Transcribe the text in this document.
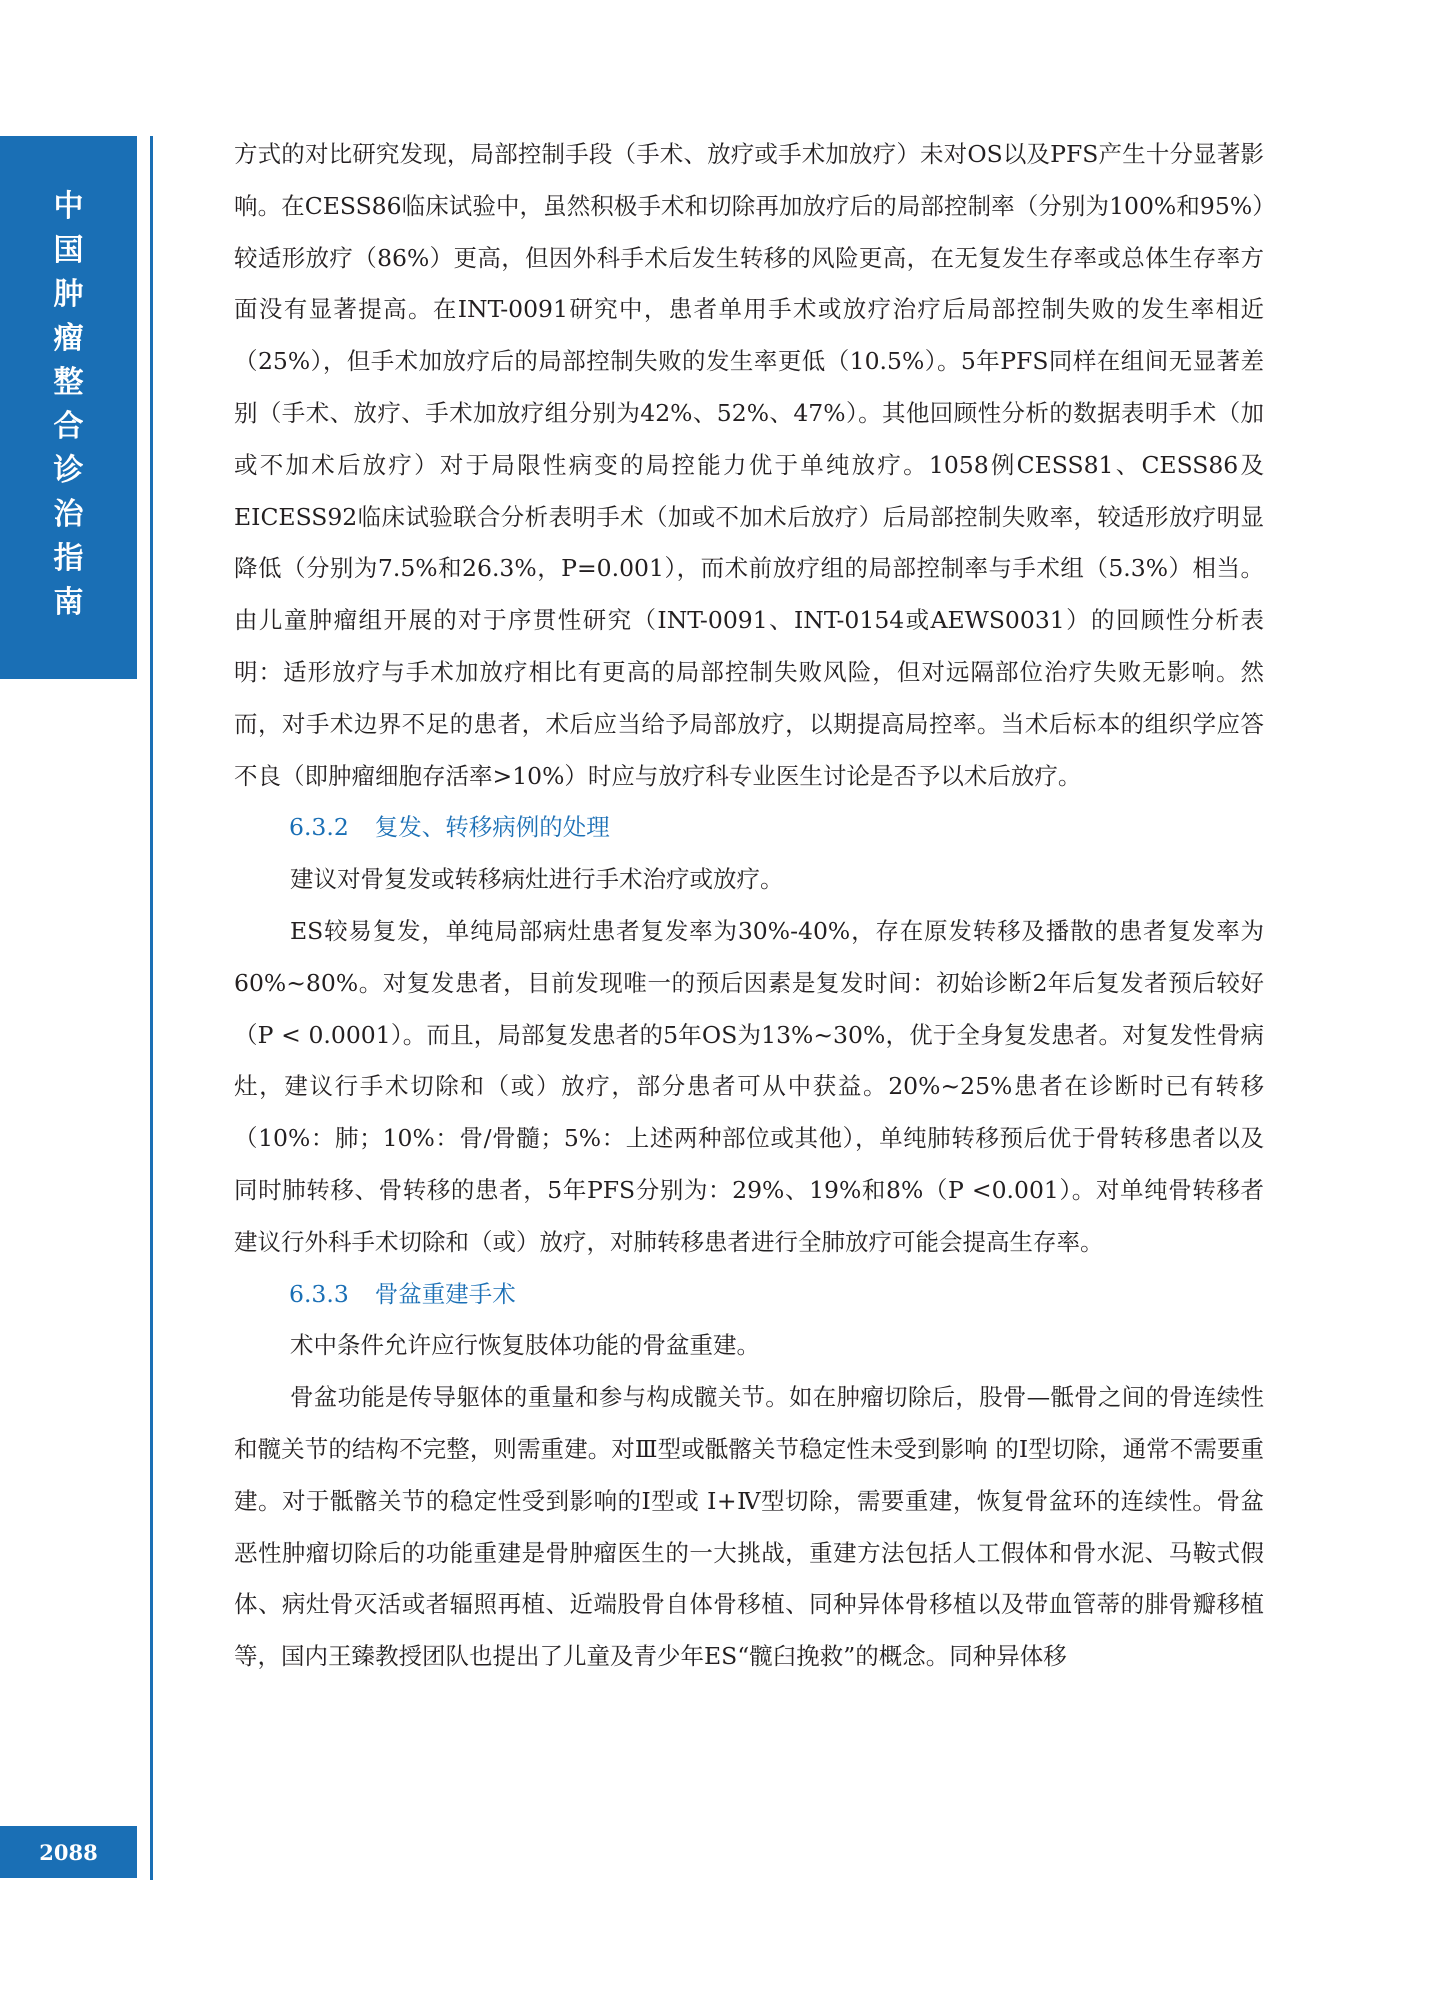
中
国
肿
瘤
整
合
诊
治
指
南
2088

方式的对比研究发现，局部控制手段（手术、放疗或手术加放疗）未对OS以及PFS产生十分显著影响。在CESS86临床试验中，虽然积极手术和切除再加放疗后的局部控制率（分别为100%和95%）较适形放疗（86%）更高，但因外科手术后发生转移的风险更高，在无复发生存率或总体生存率方面没有显著提高。在INT-0091研究中，患者单用手术或放疗治疗后局部控制失败的发生率相近（25%），但手术加放疗后的局部控制失败的发生率更低（10.5%）。5年PFS同样在组间无显著差别（手术、放疗、手术加放疗组分别为42%、52%、47%）。其他回顾性分析的数据表明手术（加或不加术后放疗）对于局限性病变的局控能力优于单纯放疗。1058例CESS81、CESS86及EICESS92临床试验联合分析表明手术（加或不加术后放疗）后局部控制失败率，较适形放疗明显降低（分别为7.5%和26.3%，P=0.001），而术前放疗组的局部控制率与手术组（5.3%）相当。由儿童肿瘤组开展的对于序贯性研究（INT-0091、INT-0154或AEWS0031）的回顾性分析表明：适形放疗与手术加放疗相比有更高的局部控制失败风险，但对远隔部位治疗失败无影响。然而，对手术边界不足的患者，术后应当给予局部放疗，以期提高局控率。当术后标本的组织学应答不良（即肿瘤细胞存活率>10%）时应与放疗科专业医生讨论是否予以术后放疗。

6.3.2 复发、转移病例的处理

建议对骨复发或转移病灶进行手术治疗或放疗。

ES较易复发，单纯局部病灶患者复发率为30%-40%，存在原发转移及播散的患者复发率为60%~80%。对复发患者，目前发现唯一的预后因素是复发时间：初始诊断2年后复发者预后较好（P < 0.0001）。而且，局部复发患者的5年OS为13%~30%，优于全身复发患者。对复发性骨病灶，建议行手术切除和（或）放疗，部分患者可从中获益。20%~25%患者在诊断时已有转移（10%：肺；10%：骨/骨髓；5%：上述两种部位或其他），单纯肺转移预后优于骨转移患者以及同时肺转移、骨转移的患者，5年PFS分别为：29%、19%和8%（P <0.001）。对单纯骨转移者建议行外科手术切除和（或）放疗，对肺转移患者进行全肺放疗可能会提高生存率。

6.3.3 骨盆重建手术

术中条件允许应行恢复肢体功能的骨盆重建。

骨盆功能是传导躯体的重量和参与构成髋关节。如在肿瘤切除后，股骨—骶骨之间的骨连续性和髋关节的结构不完整，则需重建。对Ⅲ型或骶髂关节稳定性未受到影响 的Ⅰ型切除，通常不需要重建。对于骶髂关节的稳定性受到影响的Ⅰ型或 Ⅰ+Ⅳ型切除，需要重建，恢复骨盆环的连续性。骨盆恶性肿瘤切除后的功能重建是骨肿瘤医生的一大挑战，重建方法包括人工假体和骨水泥、马鞍式假体、病灶骨灭活或者辐照再植、近端股骨自体骨移植、同种异体骨移植以及带血管蒂的腓骨瓣移植等，国内王臻教授团队也提出了儿童及青少年ES“髋臼挽救”的概念。同种异体移
